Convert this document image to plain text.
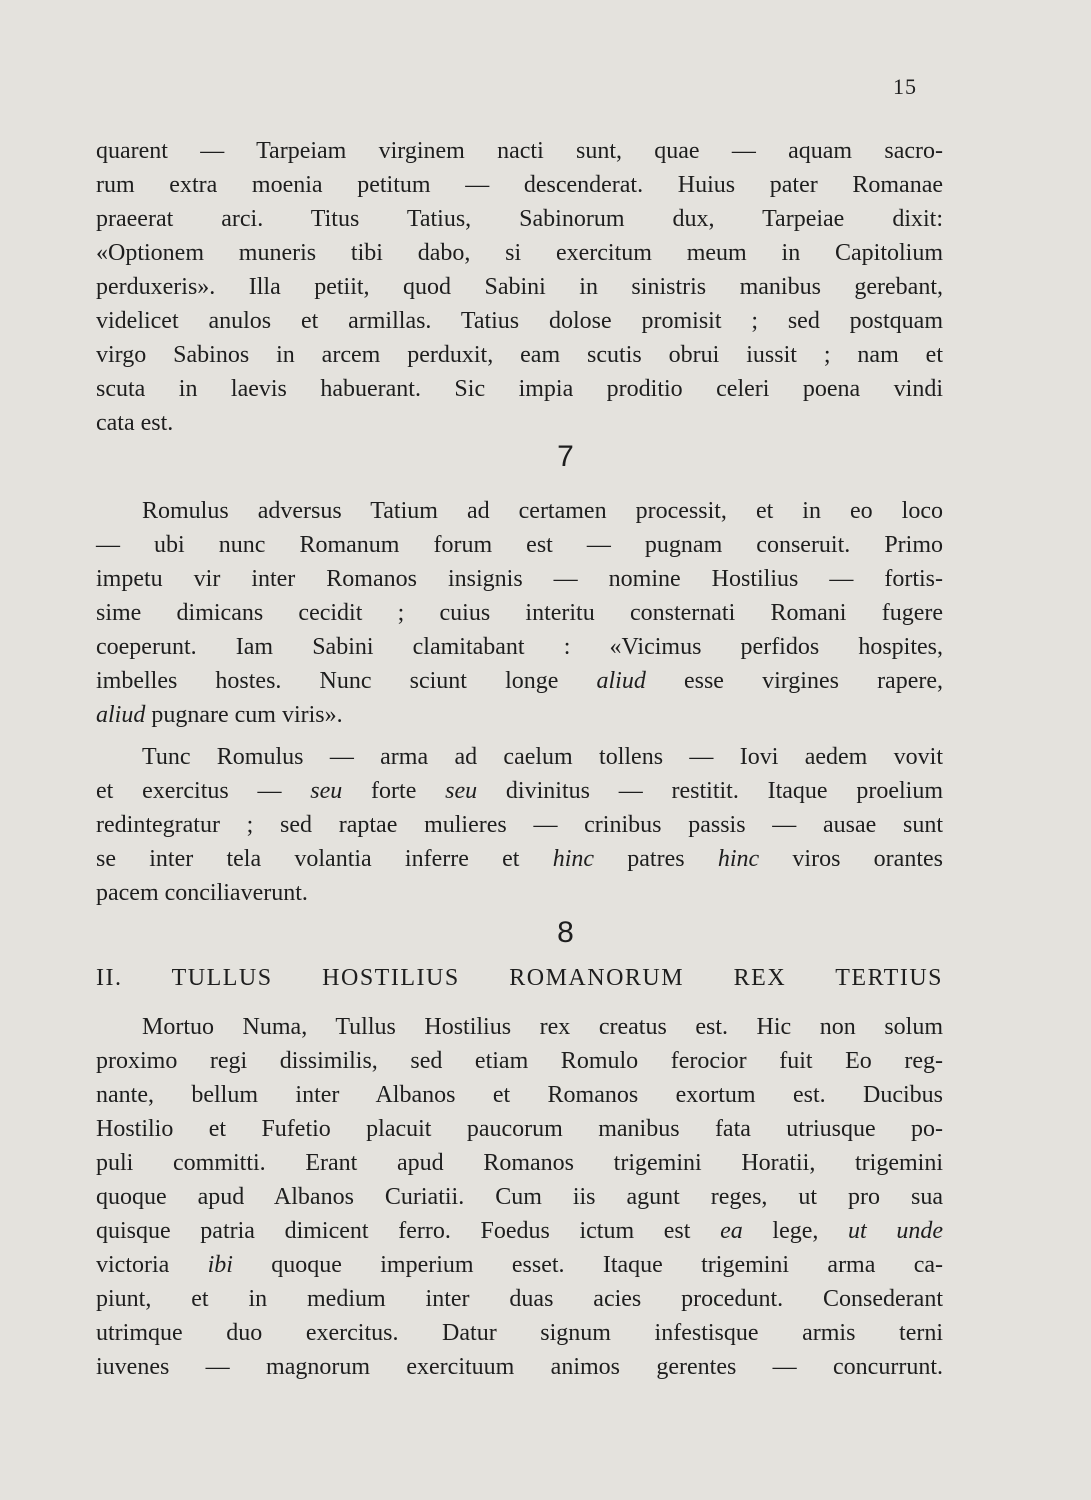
15
quarent — Tarpeiam virginem nacti sunt, quae — aquam sacro-
rum extra moenia petitum — descenderat. Huius pater Romanae
praeerat arci. Titus Tatius, Sabinorum dux, Tarpeiae dixit:
«Optionem muneris tibi dabo, si exercitum meum in Capitolium
perduxeris». Illa petiit, quod Sabini in sinistris manibus gerebant,
videlicet anulos et armillas. Tatius dolose promisit ; sed postquam
virgo Sabinos in arcem perduxit, eam scutis obrui iussit ; nam et
scuta in laevis habuerant. Sic impia proditio celeri poena vindi
cata est.
7
Romulus adversus Tatium ad certamen processit, et in eo loco
— ubi nunc Romanum forum est — pugnam conseruit. Primo
impetu vir inter Romanos insignis — nomine Hostilius — fortis-
sime dimicans cecidit ; cuius interitu consternati Romani fugere
coeperunt. Iam Sabini clamitabant : «Vicimus perfidos hospites,
imbelles hostes. Nunc sciunt longe aliud esse virgines rapere,
aliud pugnare cum viris».
Tunc Romulus — arma ad caelum tollens — Iovi aedem vovit
et exercitus — seu forte seu divinitus — restitit. Itaque proelium
redintegratur ; sed raptae mulieres — crinibus passis — ausae sunt
se inter tela volantia inferre et hinc patres hinc viros orantes
pacem conciliaverunt.
8
II. TULLUS HOSTILIUS ROMANORUM REX TERTIUS
Mortuo Numa, Tullus Hostilius rex creatus est. Hic non solum
proximo regi dissimilis, sed etiam Romulo ferocior fuit Eo reg-
nante, bellum inter Albanos et Romanos exortum est. Ducibus
Hostilio et Fufetio placuit paucorum manibus fata utriusque po-
puli committi. Erant apud Romanos trigemini Horatii, trigemini
quoque apud Albanos Curiatii. Cum iis agunt reges, ut pro sua
quisque patria dimicent ferro. Foedus ictum est ea lege, ut unde
victoria ibi quoque imperium esset. Itaque trigemini arma ca-
piunt, et in medium inter duas acies procedunt. Consederant
utrimque duo exercitus. Datur signum infestisque armis terni
iuvenes — magnorum exercituum animos gerentes — concurrunt.
